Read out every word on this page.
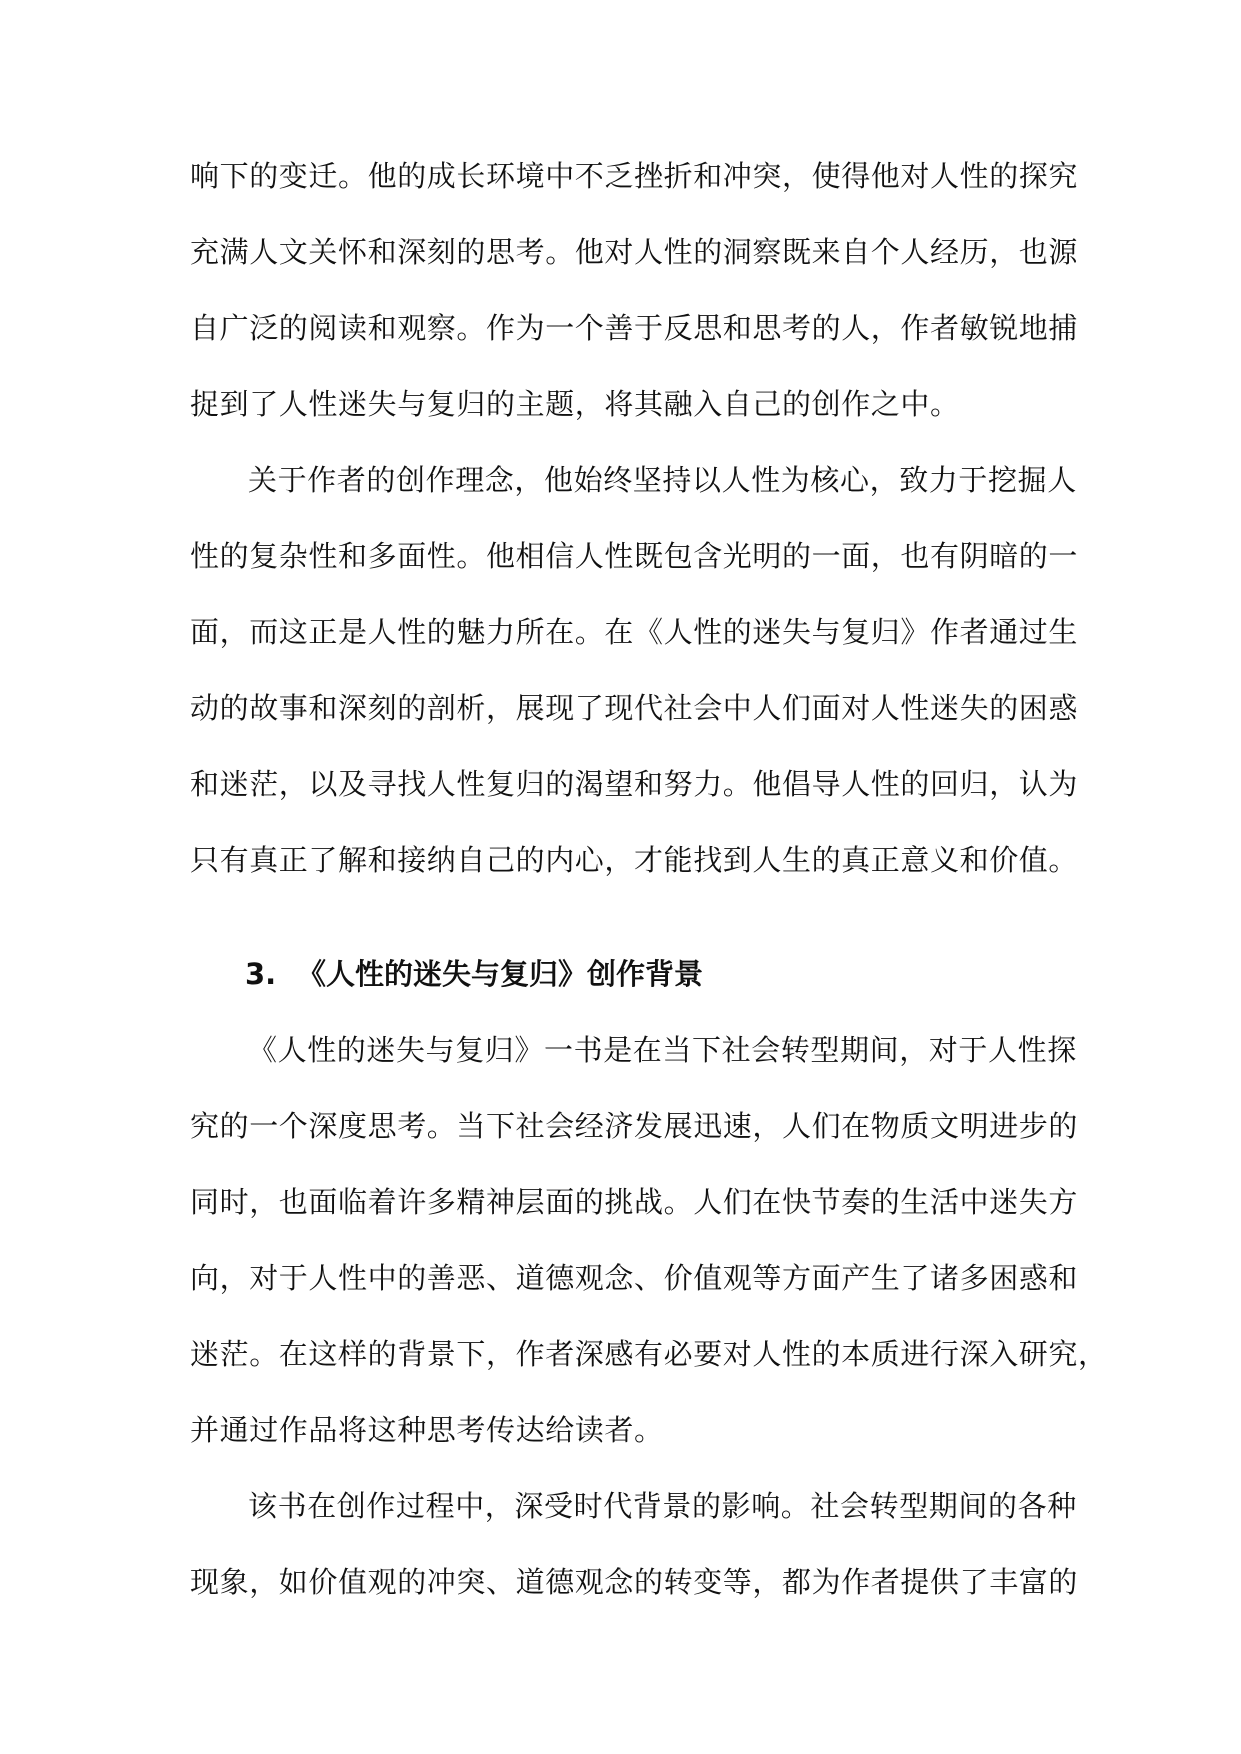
响下的变迁。他的成长环境中不乏挫折和冲突，使得他对人性的探究
充满人文关怀和深刻的思考。他对人性的洞察既来自个人经历，也源
自广泛的阅读和观察。作为一个善于反思和思考的人，作者敏锐地捕
捉到了人性迷失与复归的主题，将其融入自己的创作之中。
关于作者的创作理念，他始终坚持以人性为核心，致力于挖掘人
性的复杂性和多面性。他相信人性既包含光明的一面，也有阴暗的一
面，而这正是人性的魅力所在。在《人性的迷失与复归》作者通过生
动的故事和深刻的剖析，展现了现代社会中人们面对人性迷失的困惑
和迷茫，以及寻找人性复归的渴望和努力。他倡导人性的回归，认为
只有真正了解和接纳自己的内心，才能找到人生的真正意义和价值。
3. 《人性的迷失与复归》创作背景
《人性的迷失与复归》一书是在当下社会转型期间，对于人性探
究的一个深度思考。当下社会经济发展迅速，人们在物质文明进步的
同时，也面临着许多精神层面的挑战。人们在快节奏的生活中迷失方
向，对于人性中的善恶、道德观念、价值观等方面产生了诸多困惑和
迷茫。在这样的背景下，作者深感有必要对人性的本质进行深入研究，
并通过作品将这种思考传达给读者。
该书在创作过程中，深受时代背景的影响。社会转型期间的各种
现象，如价值观的冲突、道德观念的转变等，都为作者提供了丰富的
